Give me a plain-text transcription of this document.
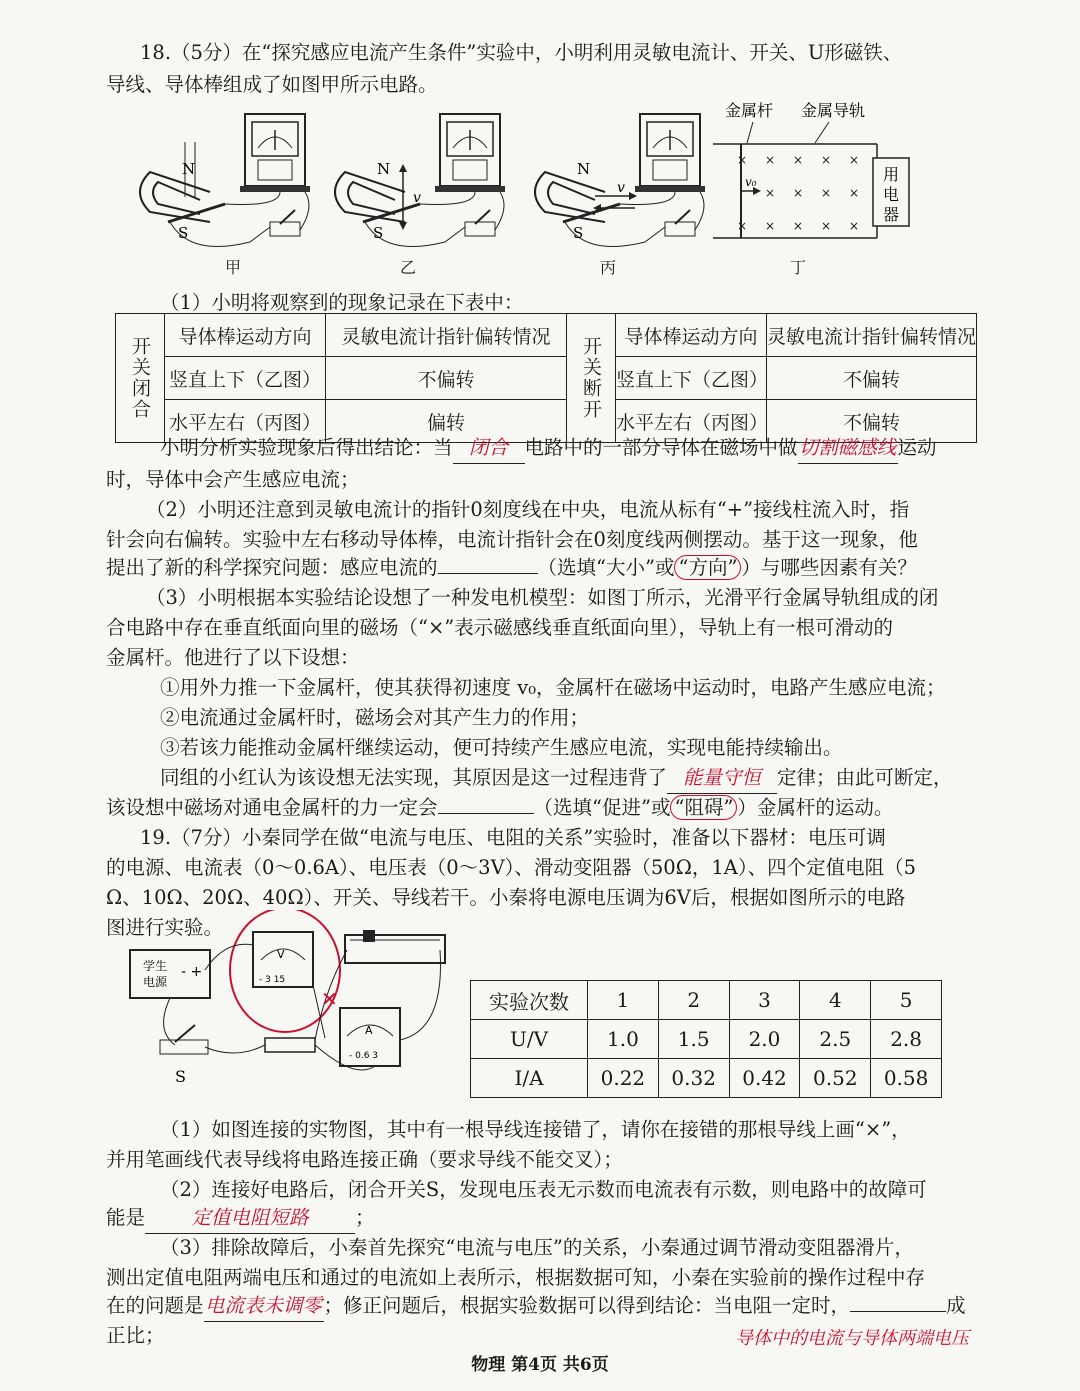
18.（5分）在“探究感应电流产生条件”实验中，小明利用灵敏电流计、开关、U形磁铁、
导线、导体棒组成了如图甲所示电路。
N
S
甲
N
S
v
乙
N
S
v
丙
金属杆 金属导轨
用
电
器
× × × × ×
× × × ×
× × × × ×
v₀
丁
（1）小明将观察到的现象记录在下表中：
开关闭合	导体棒运动方向	灵敏电流计指针偏转情况	开关断开	导体棒运动方向	灵敏电流计指针偏转情况
	竖直上下（乙图）	不偏转		竖直上下（乙图）	不偏转
	水平左右（丙图）	偏转		水平左右（丙图）	不偏转
小明分析实验现象后得出结论：当 闭合 电路中的一部分导体在磁场中做切割磁感线运动
时，导体中会产生感应电流；
（2）小明还注意到灵敏电流计的指针0刻度线在中央，电流从标有“+”接线柱流入时，指
针会向右偏转。实验中左右移动导体棒，电流计指针会在0刻度线两侧摆动。基于这一现象，他
提出了新的科学探究问题：感应电流的	（选填“大小”或 “方向” ）与哪些因素有关？
（3）小明根据本实验结论设想了一种发电机模型：如图丁所示，光滑平行金属导轨组成的闭
合电路中存在垂直纸面向里的磁场（“×”表示磁感线垂直纸面向里），导轨上有一根可滑动的
金属杆。他进行了以下设想：
①用外力推一下金属杆，使其获得初速度 v₀，金属杆在磁场中运动时，电路产生感应电流；
②电流通过金属杆时，磁场会对其产生力的作用；
③若该力能推动金属杆继续运动，便可持续产生感应电流，实现电能持续输出。
同组的小红认为该设想无法实现，其原因是这一过程违背了 能量守恒 定律；由此可断定，
该设想中磁场对通电金属杆的力一定会	（选填“促进”或 “阻碍” ）金属杆的运动。
19.（7分）小秦同学在做“电流与电压、电阻的关系”实验时，准备以下器材：电压可调
的电源、电流表（0～0.6A）、电压表（0～3V）、滑动变阻器（50Ω，1A）、四个定值电阻（5
Ω、10Ω、20Ω、40Ω）、开关、导线若干。小秦将电源电压调为6V后，根据如图所示的电路
图进行实验。
学生
电源
- +
V
- 3 15
A
- 0.6 3
S
✕	实验次数	1	2	3	4	5
U/V	1.0	1.5	2.0	2.5	2.8
I/A	0.22	0.32	0.42	0.52	0.58
（1）如图连接的实物图，其中有一根导线连接错了，请你在接错的那根导线上画“×”，
并用笔画线代表导线将电路连接正确（要求导线不能交叉）；
（2）连接好电路后，闭合开关S，发现电压表无示数而电流表有示数，则电路中的故障可
能是 定值电阻短路 ；
（3）排除故障后，小秦首先探究“电流与电压”的关系，小秦通过调节滑动变阻器滑片，
测出定值电阻两端电压和通过的电流如上表所示，根据数据可知，小秦在实验前的操作过程中存
在的问题是电流表未调零；修正问题后，根据实验数据可以得到结论：当电阻一定时，	成
正比；	导体中的电流与导体两端电压
物理 第4页 共6页
